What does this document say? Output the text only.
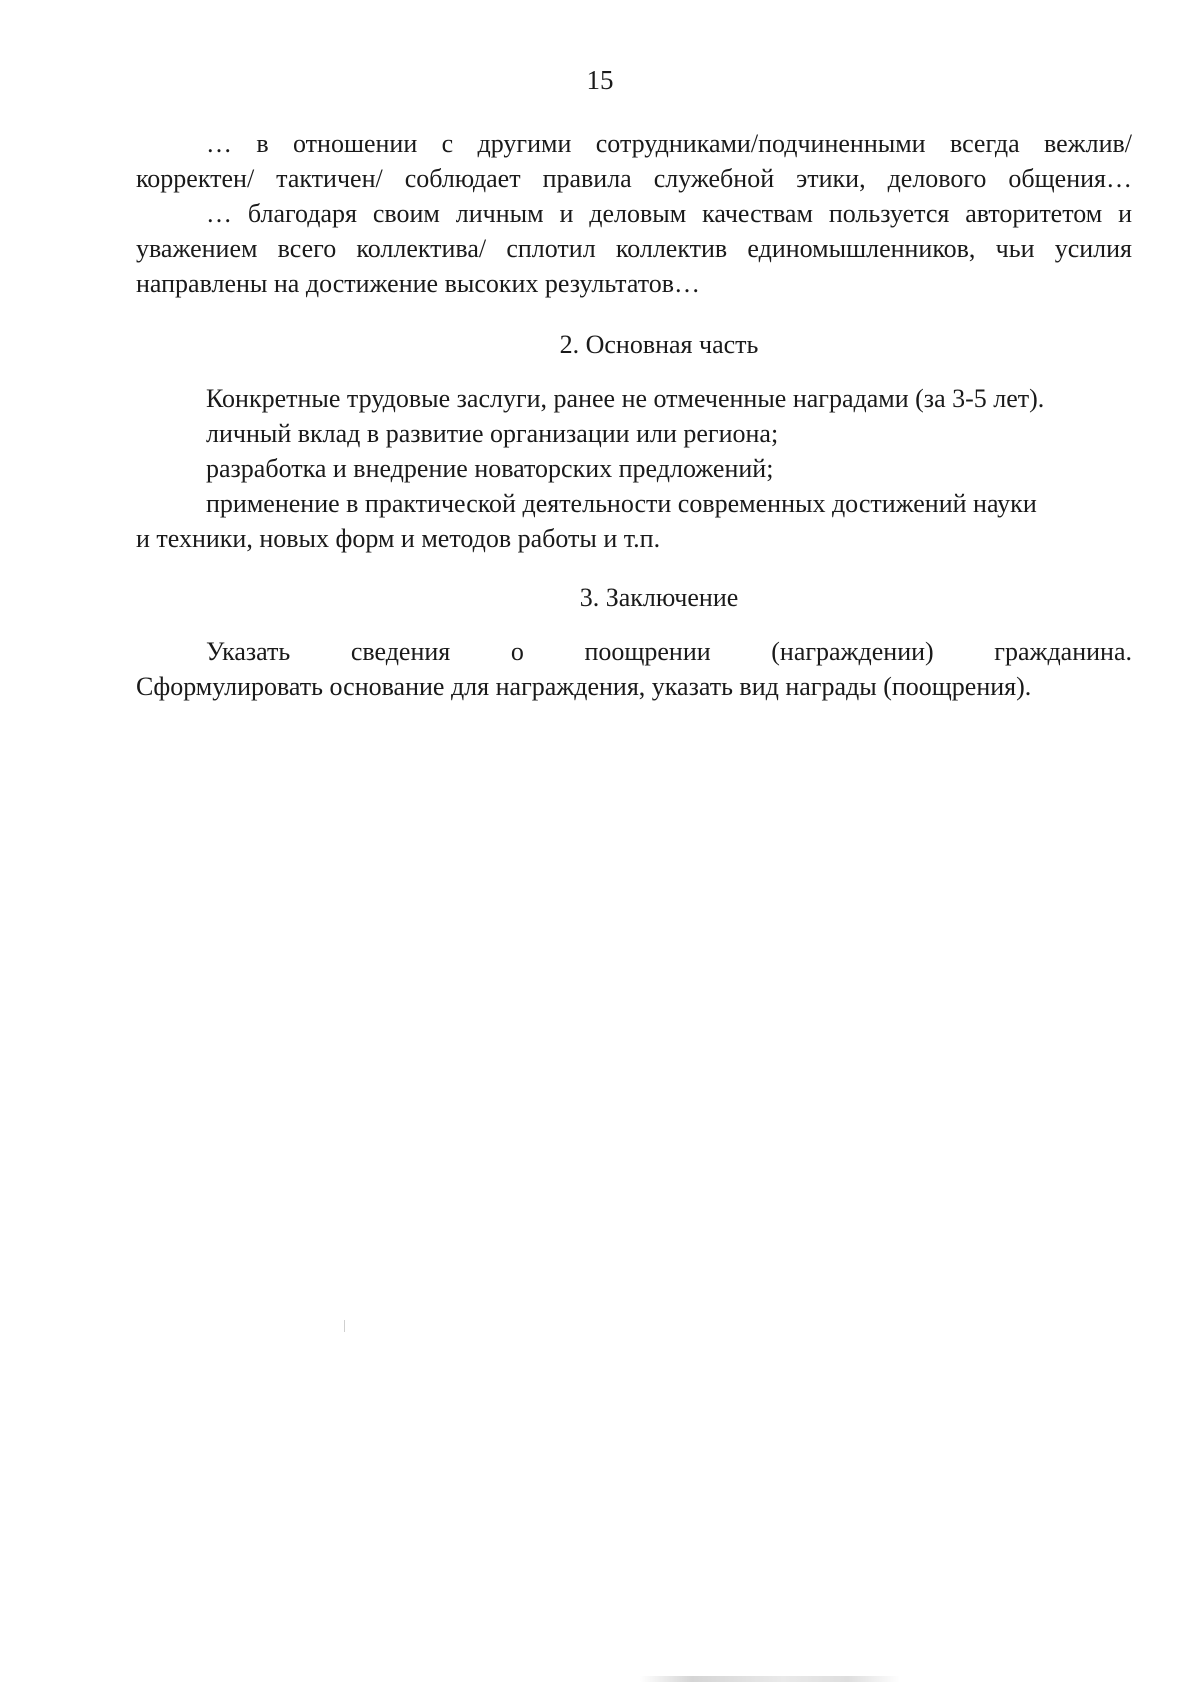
15

… в отношении с другими сотрудниками/подчиненными всегда вежлив/

корректен/ тактичен/ соблюдает правила служебной этики, делового общения…

… благодаря своим личным и деловым качествам пользуется авторитетом и

уважением всего коллектива/ сплотил коллектив единомышленников, чьи усилия

направлены на достижение высоких результатов…

2. Основная часть

Конкретные трудовые заслуги, ранее не отмеченные наградами (за 3-5 лет).

личный вклад в развитие организации или региона;

разработка и внедрение новаторских предложений;

применение в практической деятельности современных достижений науки

и техники, новых форм и методов работы и т.п.

3. Заключение

Указать сведения о поощрении (награждении) гражданина.

Сформулировать основание для награждения, указать вид награды (поощрения).
